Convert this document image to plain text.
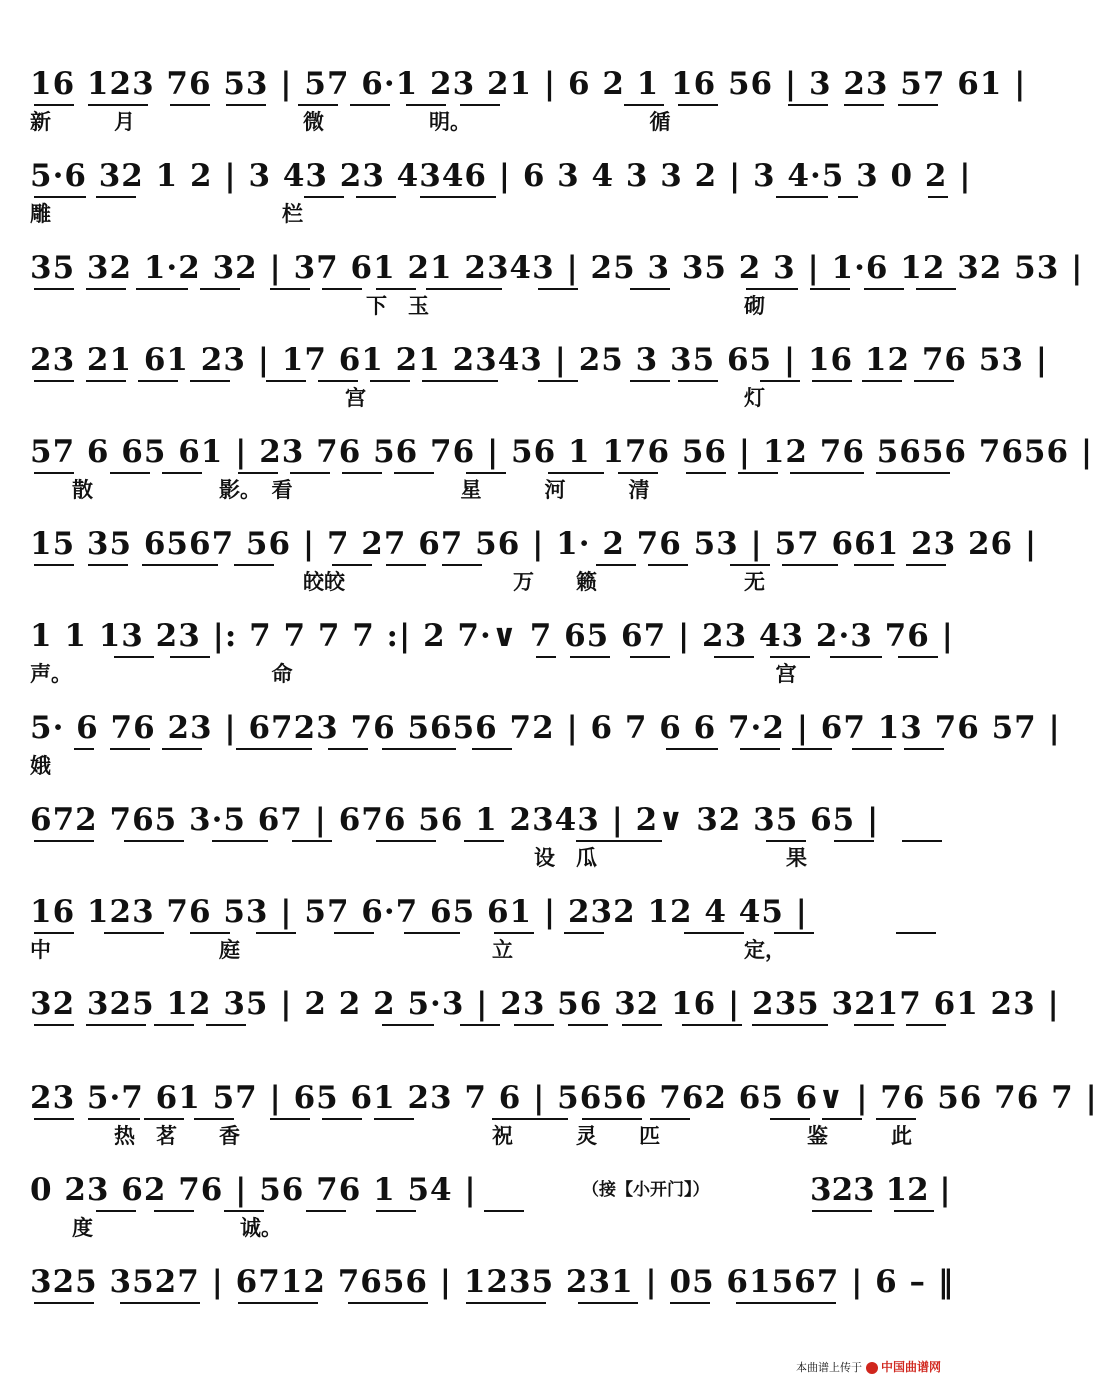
16 123 76 53 | 57 6·1 23 21 | 6 2 1 16 56 | 3 23 57 61 |
新　　　月　　　　　　　　微　　　　　明。　　　　　　　　　循
5·6 32 1 2 | 3 43 23 4346 | 6 3 4 3 3 2 | 3 4·5 3 0 2 |
雕　　　　　　　　　　　栏
35 32 1·2 32 | 37 61 21 2343 | 25 3 35 2 3 | 1·6 12 32 53 |
　　　　　　　　　　　　　　　　下　玉　　　　　　　　　　　　　　　砌
23 21 61 23 | 17 61 21 2343 | 25 3 35 65 | 16 12 76 53 |
　　　　　　　　　　　　　　　宫　　　　　　　　　　　　　　　　　　灯
57 6 65 61 | 23 76 56 76 | 56 1 176 56 | 12 76 5656 7656 |
　　散　　　　　　影。　看　　　　　　　　星　　　河　　　清
15 35 6567 56 | 7 27 67 56 | 1· 2 76 53 | 57 661 23 26 |
　　　　　　　　　　　　　皎皎　　　　　　　　万　　籁　　　　　　　无
1 1 13 23 |: 7 7 7 7 :| 2 7·∨ 7 65 67 | 23 43 2·3 76 |
声。　　　　　　　　　　命　　　　　　　　　　　　　　　　　　　　　　　宫
5· 6 76 23 | 6723 76 5656 72 | 6 7 6 6 7·2 | 67 13 76 57 |
娥
672 765 3·5 67 | 676 56 1 2343 | 2∨ 32 35 65 |
　　　　　　　　　　　　　　　　　　　　　　　　设　瓜　　　　　　　　　果
16 123 76 53 | 57 6·7 65 61 | 232 12 4 45 |
中　　　　　　　　庭　　　　　　　　　　　　立　　　　　　　　　　　定，
32 325 12 35 | 2 2 2 5·3 | 23 56 32 16 | 235 3217 61 23 |
23 5·7 61 57 | 65 61 23 7 6 | 5656 762 65 6∨ | 76 56 76 7 |
　　　　热　茗　　香　　　　　　　　　　　　祝　　　灵　　匹　　　　　　　鉴　　　此
0 23 62 76 | 56 76 1 54 |	（接【小开门】）	323 12 |
　　度　　　　　　　诚。
325 3527 | 6712 7656 | 1235 231 | 05 61567 | 6 – ‖
本曲谱上传于 中国曲谱网
